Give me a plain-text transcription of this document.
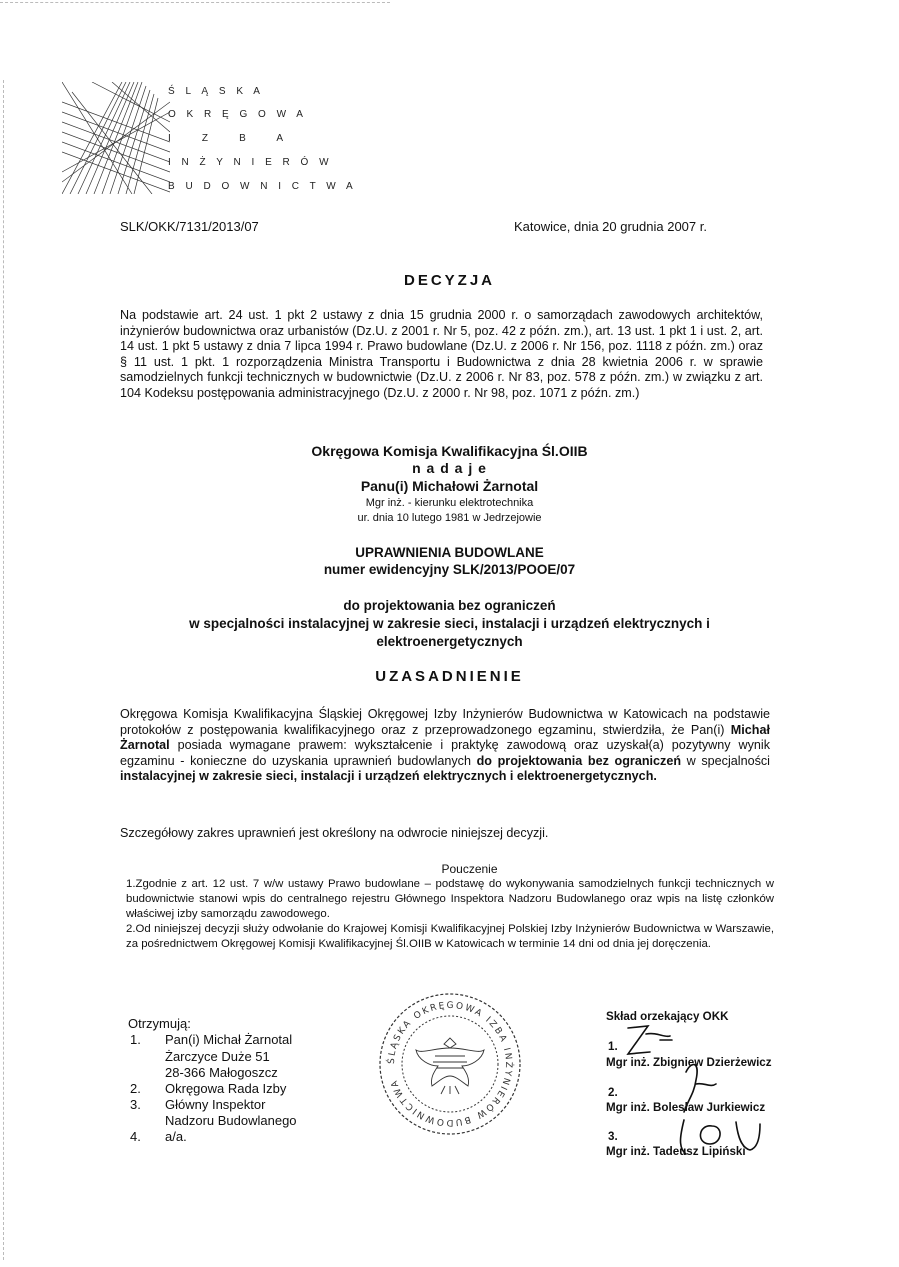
Ś L Ą S K A
O K R Ę G O W A
I    Z    B    A
I N Ż Y N I E R Ó W
B U D O W N I C T W A
SLK/OKK/7131/2013/07	Katowice, dnia 20 grudnia 2007 r.
DECYZJA
Na podstawie art. 24 ust. 1 pkt 2 ustawy z dnia 15 grudnia 2000 r. o samorządach zawodowych architektów, inżynierów budownictwa oraz urbanistów (Dz.U. z 2001 r. Nr 5, poz. 42 z późn. zm.), art. 13 ust. 1 pkt 1 i ust. 2, art. 14 ust. 1 pkt 5 ustawy z dnia 7 lipca 1994 r. Prawo budowlane (Dz.U. z 2006 r. Nr 156, poz. 1118 z późn. zm.) oraz § 11 ust. 1 pkt. 1 rozporządzenia Ministra Transportu i Budownictwa z dnia 28 kwietnia 2006 r. w sprawie samodzielnych funkcji technicznych w budownictwie (Dz.U. z 2006 r. Nr 83, poz. 578 z późn. zm.) w związku z art. 104 Kodeksu postępowania administracyjnego (Dz.U. z 2000 r. Nr 98, poz. 1071 z późn. zm.)
Okręgowa Komisja Kwalifikacyjna Śl.OIIB
n a d a j e
Panu(i) Michałowi Żarnotal
Mgr inż. - kierunku elektrotechnika
ur. dnia 10 lutego 1981 w Jedrzejowie
UPRAWNIENIA BUDOWLANE
numer ewidencyjny SLK/2013/POOE/07
do projektowania bez ograniczeń
w specjalności instalacyjnej w zakresie sieci, instalacji i urządzeń elektrycznych i
elektroenergetycznych
UZASADNIENIE
Okręgowa Komisja Kwalifikacyjna Śląskiej Okręgowej Izby Inżynierów Budownictwa w Katowicach na podstawie protokołów z postępowania kwalifikacyjnego oraz z przeprowadzonego egzaminu, stwierdziła, że Pan(i) Michał Żarnotal posiada wymagane prawem: wykształcenie i praktykę zawodową oraz uzyskał(a) pozytywny wynik egzaminu - konieczne do uzyskania uprawnień budowlanych do projektowania bez ograniczeń w specjalności instalacyjnej w zakresie sieci, instalacji i urządzeń elektrycznych i elektroenergetycznych.
Szczegółowy zakres uprawnień jest określony na odwrocie niniejszej decyzji.
Pouczenie
1.Zgodnie z art. 12 ust. 7 w/w ustawy Prawo budowlane – podstawę do wykonywania samodzielnych funkcji technicznych w budownictwie stanowi wpis do centralnego rejestru Głównego Inspektora Nadzoru Budowlanego oraz wpis na listę członków właściwej izby samorządu zawodowego.
2.Od niniejszej decyzji służy odwołanie do Krajowej Komisji Kwalifikacyjnej Polskiej Izby Inżynierów Budownictwa w Warszawie, za pośrednictwem Okręgowej Komisji Kwalifikacyjnej Śl.OIIB w Katowicach w terminie 14 dni od dnia jej doręczenia.
Otrzymują:
1. Pan(i) Michał Żarnotal
Żarczyce Duże 51
28-366 Małogoszcz
2. Okręgowa Rada Izby
3. Główny Inspektor
Nadzoru Budowlanego
4. a/a.
ŚLĄSKA OKRĘGOWA IZBA INŻYNIERÓW BUDOWNICTWA
Skład orzekający OKK
1.
Mgr inż. Zbigniew Dzierżewicz
2.
Mgr inż. Bolesław Jurkiewicz
3.
Mgr inż. Tadeusz Lipiński
